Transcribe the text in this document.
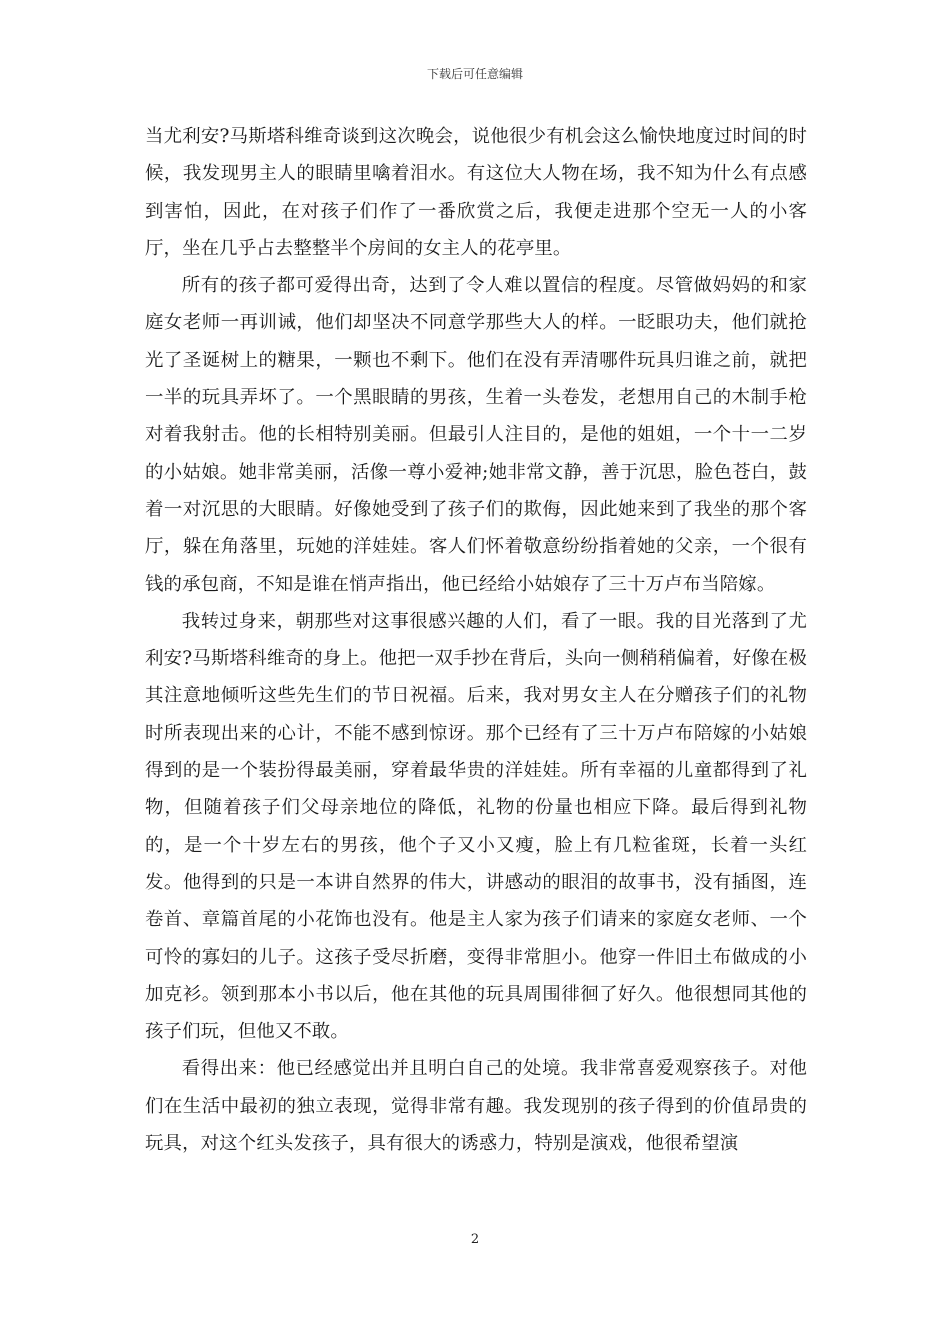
下载后可任意编辑

当尤利安?马斯塔科维奇谈到这次晚会，说他很少有机会这么愉快地度过时间的时候，我发现男主人的眼睛里噙着泪水。有这位大人物在场，我不知为什么有点感到害怕，因此，在对孩子们作了一番欣赏之后，我便走进那个空无一人的小客厅，坐在几乎占去整整半个房间的女主人的花亭里。

所有的孩子都可爱得出奇，达到了令人难以置信的程度。尽管做妈妈的和家庭女老师一再训诫，他们却坚决不同意学那些大人的样。一眨眼功夫，他们就抢光了圣诞树上的糖果，一颗也不剩下。他们在没有弄清哪件玩具归谁之前，就把一半的玩具弄坏了。一个黑眼睛的男孩，生着一头卷发，老想用自己的木制手枪对着我射击。他的长相特别美丽。但最引人注目的，是他的姐姐，一个十一二岁的小姑娘。她非常美丽，活像一尊小爱神;她非常文静，善于沉思，脸色苍白，鼓着一对沉思的大眼睛。好像她受到了孩子们的欺侮，因此她来到了我坐的那个客厅，躲在角落里，玩她的洋娃娃。客人们怀着敬意纷纷指着她的父亲，一个很有钱的承包商，不知是谁在悄声指出，他已经给小姑娘存了三十万卢布当陪嫁。

我转过身来，朝那些对这事很感兴趣的人们，看了一眼。我的目光落到了尤利安?马斯塔科维奇的身上。他把一双手抄在背后，头向一侧稍稍偏着，好像在极其注意地倾听这些先生们的节日祝福。后来，我对男女主人在分赠孩子们的礼物时所表现出来的心计，不能不感到惊讶。那个已经有了三十万卢布陪嫁的小姑娘得到的是一个装扮得最美丽，穿着最华贵的洋娃娃。所有幸福的儿童都得到了礼物，但随着孩子们父母亲地位的降低，礼物的份量也相应下降。最后得到礼物的，是一个十岁左右的男孩，他个子又小又瘦，脸上有几粒雀斑，长着一头红发。他得到的只是一本讲自然界的伟大，讲感动的眼泪的故事书，没有插图，连卷首、章篇首尾的小花饰也没有。他是主人家为孩子们请来的家庭女老师、一个可怜的寡妇的儿子。这孩子受尽折磨，变得非常胆小。他穿一件旧土布做成的小加克衫。领到那本小书以后，他在其他的玩具周围徘徊了好久。他很想同其他的孩子们玩，但他又不敢。

看得出来：他已经感觉出并且明白自己的处境。我非常喜爱观察孩子。对他们在生活中最初的独立表现，觉得非常有趣。我发现别的孩子得到的价值昂贵的玩具，对这个红头发孩子，具有很大的诱惑力，特别是演戏，他很希望演

2
